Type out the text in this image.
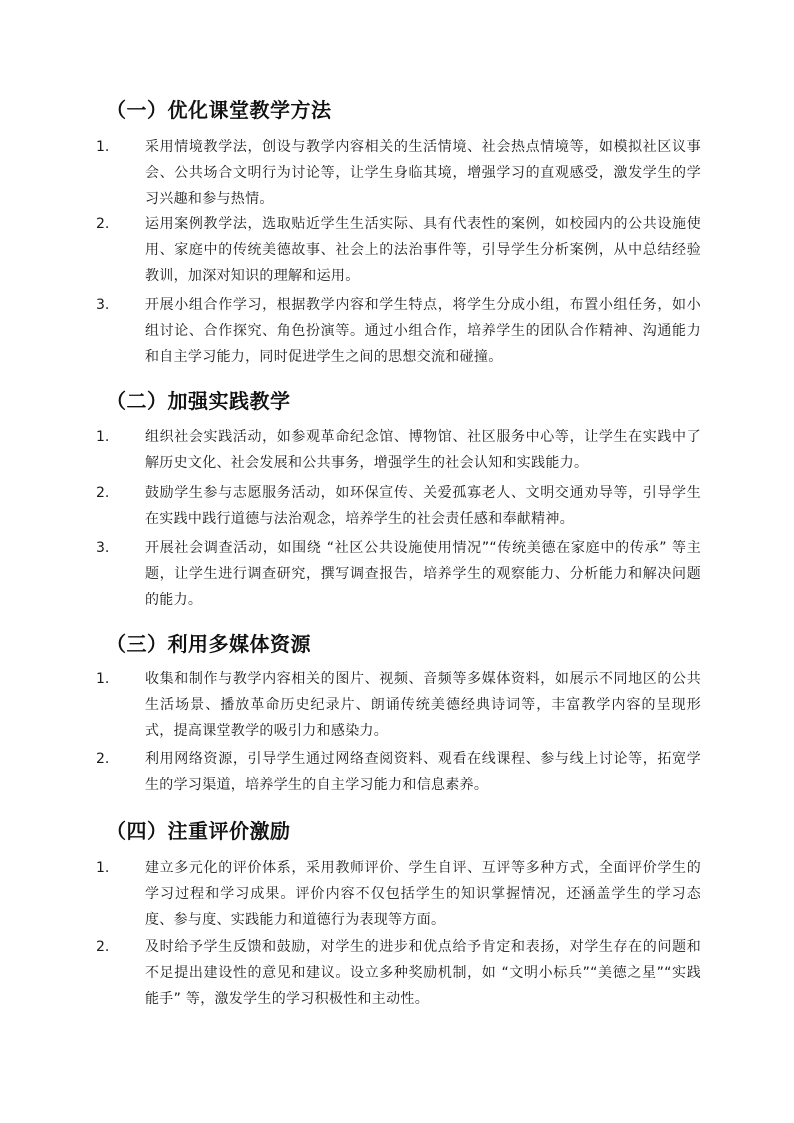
（一）优化课堂教学方法
1.	采用情境教学法，创设与教学内容相关的生活情境、社会热点情境等，如模拟社区议事会、公共场合文明行为讨论等，让学生身临其境，增强学习的直观感受，激发学生的学习兴趣和参与热情。

2.	运用案例教学法，选取贴近学生生活实际、具有代表性的案例，如校园内的公共设施使用、家庭中的传统美德故事、社会上的法治事件等，引导学生分析案例，从中总结经验教训，加深对知识的理解和运用。

3.	开展小组合作学习，根据教学内容和学生特点，将学生分成小组，布置小组任务，如小组讨论、合作探究、角色扮演等。通过小组合作，培养学生的团队合作精神、沟通能力和自主学习能力，同时促进学生之间的思想交流和碰撞。

（二）加强实践教学
1.	组织社会实践活动，如参观革命纪念馆、博物馆、社区服务中心等，让学生在实践中了解历史文化、社会发展和公共事务，增强学生的社会认知和实践能力。

2.	鼓励学生参与志愿服务活动，如环保宣传、关爱孤寡老人、文明交通劝导等，引导学生在实践中践行道德与法治观念，培养学生的社会责任感和奉献精神。

3.	开展社会调查活动，如围绕 “社区公共设施使用情况”“传统美德在家庭中的传承” 等主题，让学生进行调查研究，撰写调查报告，培养学生的观察能力、分析能力和解决问题的能力。

（三）利用多媒体资源
1.	收集和制作与教学内容相关的图片、视频、音频等多媒体资料，如展示不同地区的公共生活场景、播放革命历史纪录片、朗诵传统美德经典诗词等，丰富教学内容的呈现形式，提高课堂教学的吸引力和感染力。

2.	利用网络资源，引导学生通过网络查阅资料、观看在线课程、参与线上讨论等，拓宽学生的学习渠道，培养学生的自主学习能力和信息素养。

（四）注重评价激励
1.	建立多元化的评价体系，采用教师评价、学生自评、互评等多种方式，全面评价学生的学习过程和学习成果。评价内容不仅包括学生的知识掌握情况，还涵盖学生的学习态度、参与度、实践能力和道德行为表现等方面。

2.	及时给予学生反馈和鼓励，对学生的进步和优点给予肯定和表扬，对学生存在的问题和不足提出建设性的意见和建议。设立多种奖励机制，如 “文明小标兵”“美德之星”“实践能手” 等，激发学生的学习积极性和主动性。
